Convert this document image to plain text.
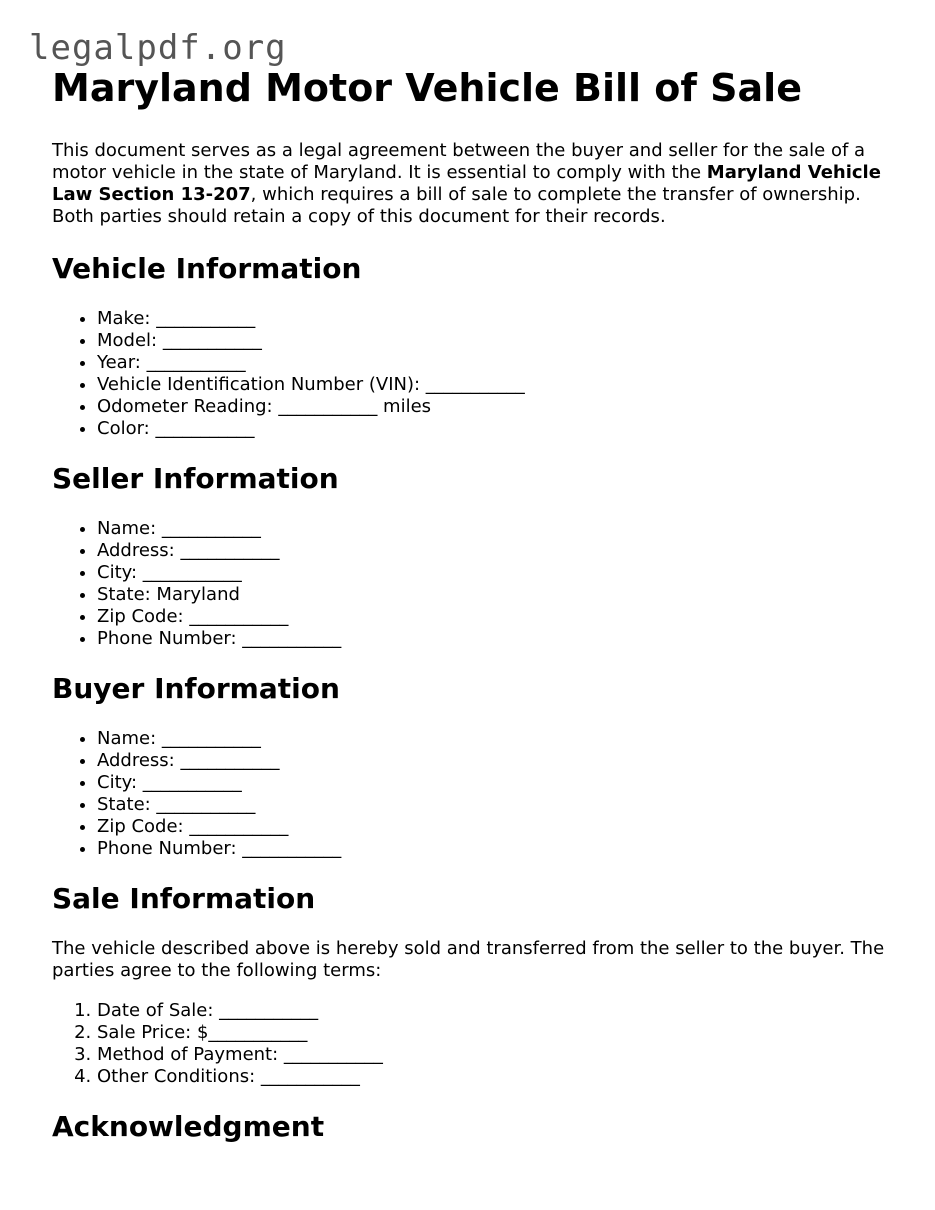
legalpdf.org
Maryland Motor Vehicle Bill of Sale

This document serves as a legal agreement between the buyer and seller for the sale of a motor vehicle in the state of Maryland. It is essential to comply with the Maryland Vehicle Law Section 13-207, which requires a bill of sale to complete the transfer of ownership. Both parties should retain a copy of this document for their records.

Vehicle Information
• Make: ___________
• Model: ___________
• Year: ___________
• Vehicle Identification Number (VIN): ___________
• Odometer Reading: ___________ miles
• Color: ___________
Seller Information
• Name: ___________
• Address: ___________
• City: ___________
• State: Maryland
• Zip Code: ___________
• Phone Number: ___________
Buyer Information
• Name: ___________
• Address: ___________
• City: ___________
• State: ___________
• Zip Code: ___________
• Phone Number: ___________
Sale Information

The vehicle described above is hereby sold and transferred from the seller to the buyer. The parties agree to the following terms:

1. Date of Sale: ___________
2. Sale Price: $___________
3. Method of Payment: ___________
4. Other Conditions: ___________
Acknowledgment
